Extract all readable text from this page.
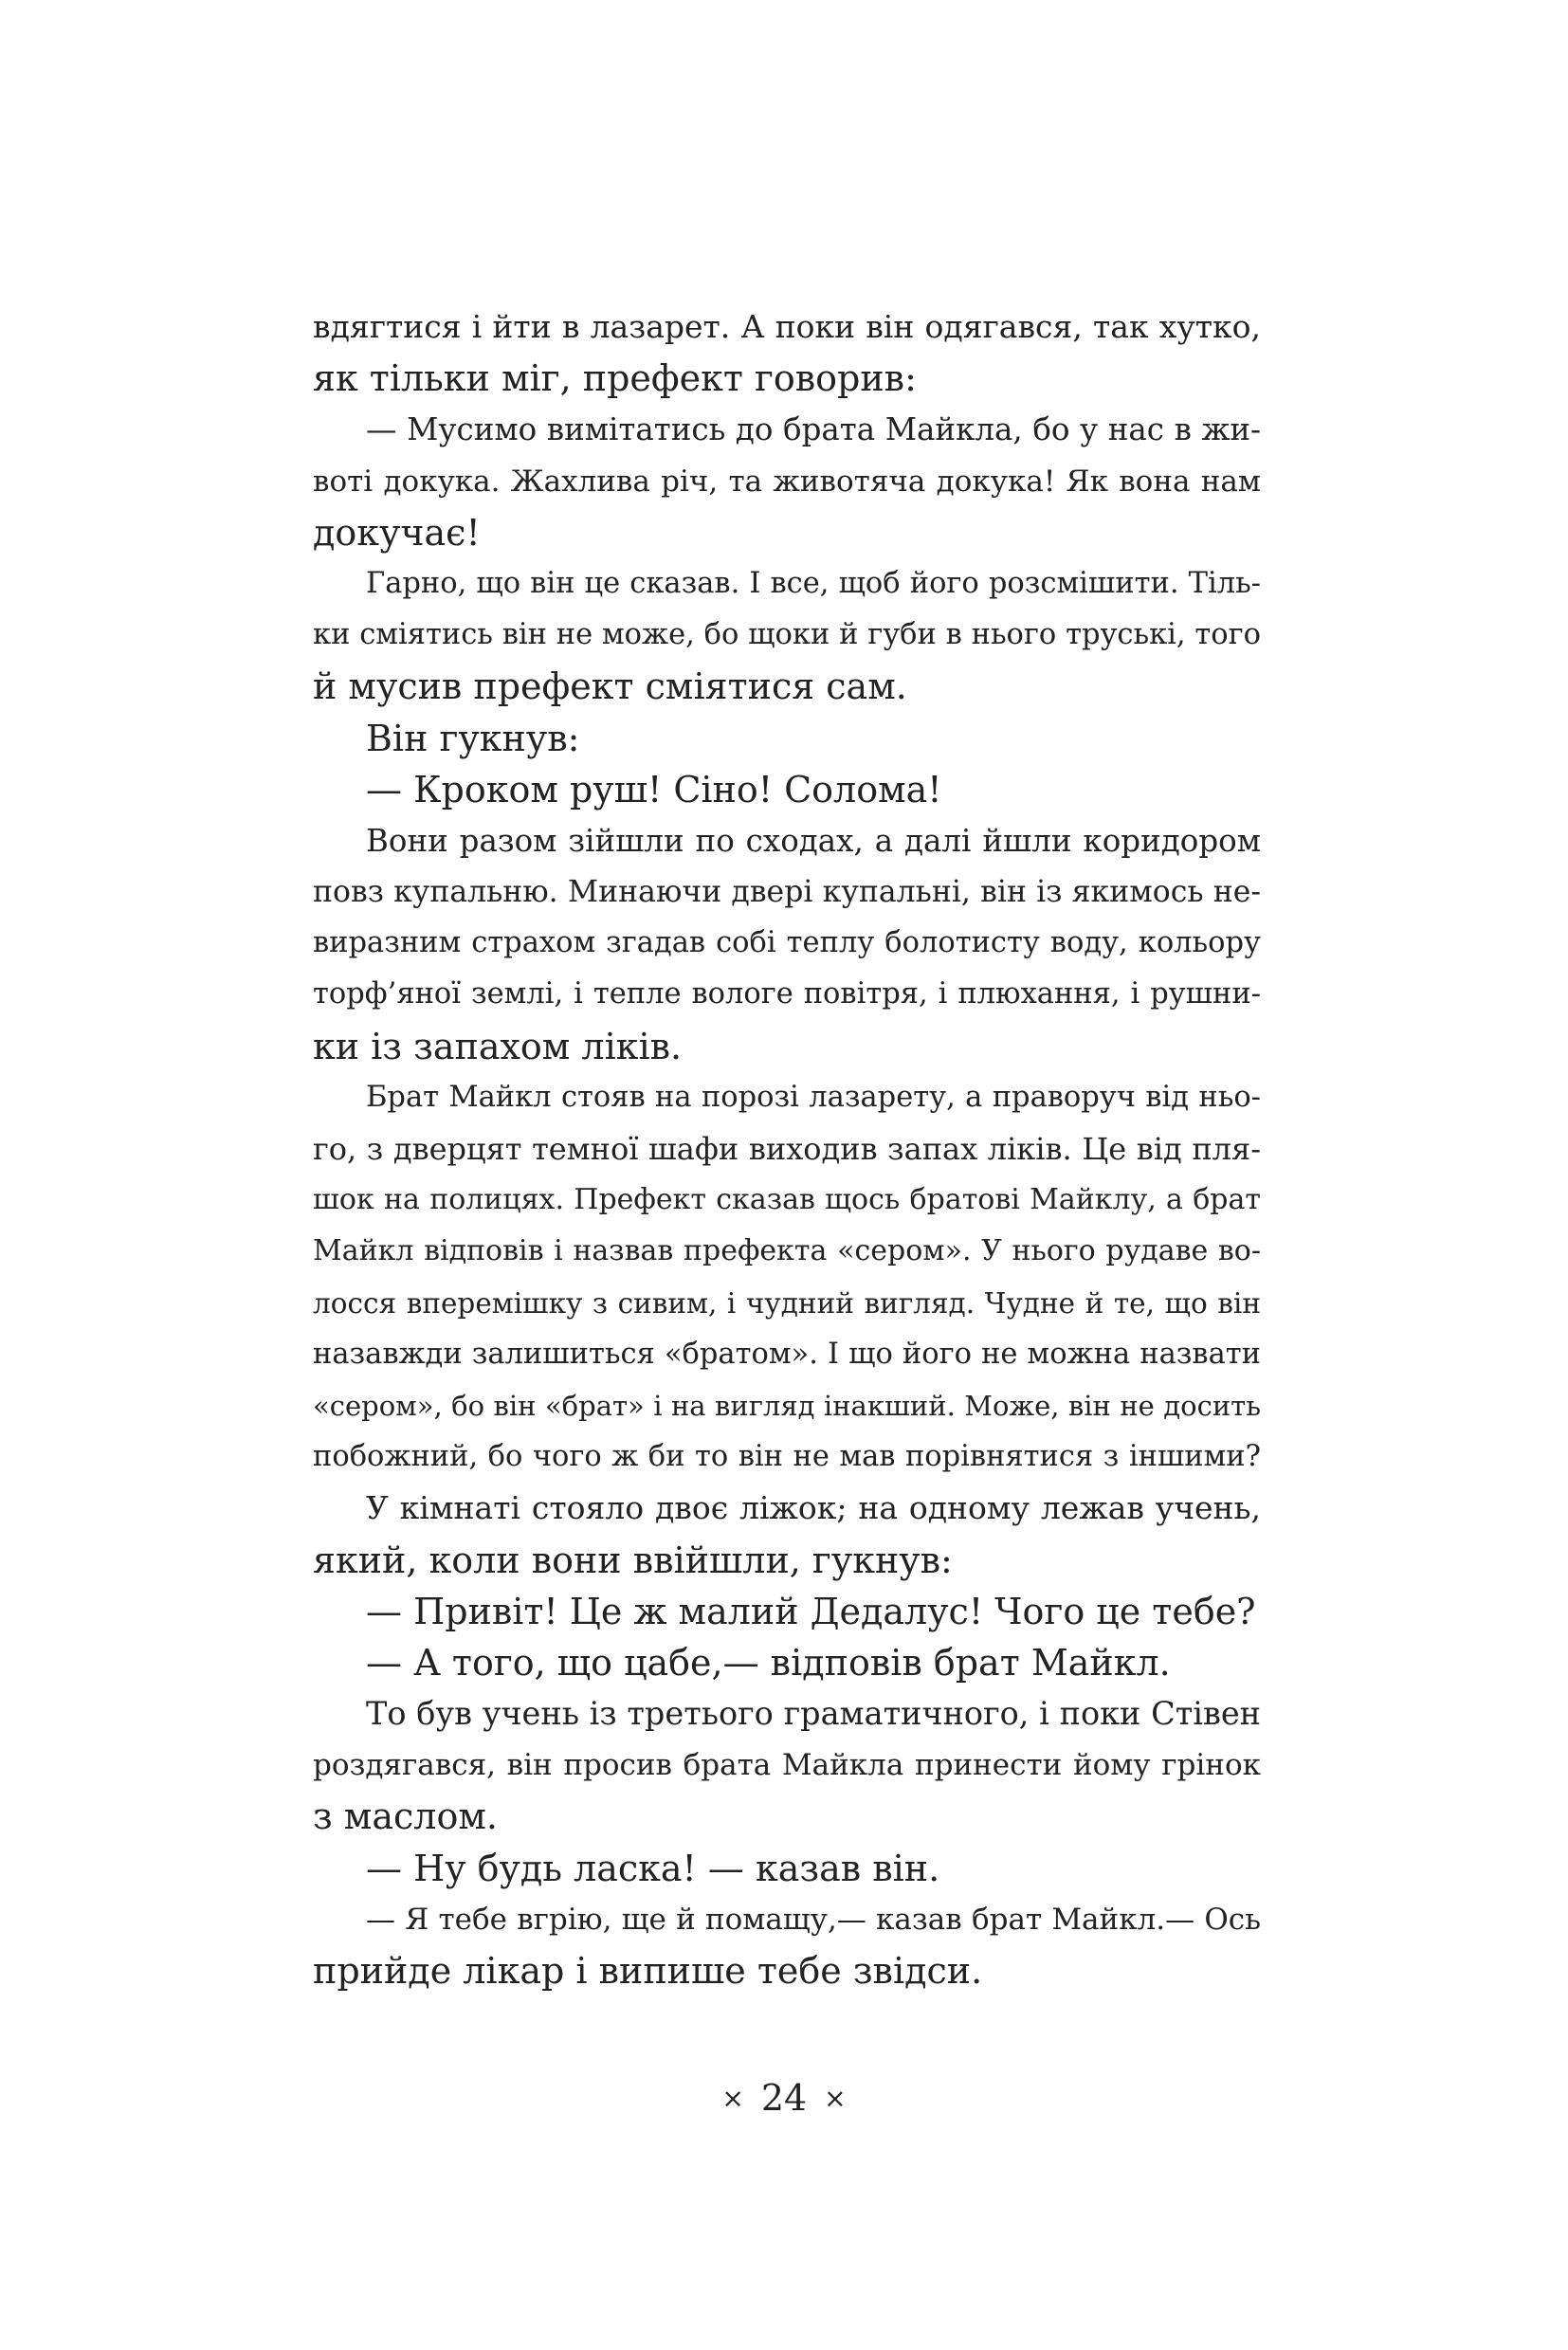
вдягтися і йти в лазарет. А поки він одягався, так хутко,
як тільки міг, префект говорив:
— Мусимо вимітатись до брата Майкла, бо у нас в жи-
воті докука. Жахлива річ, та животяча докука! Як вона нам
докучає!
Гарно, що він це сказав. І все, щоб його розсмішити. Тіль-
ки сміятись він не може, бо щоки й губи в нього труські, того
й мусив префект сміятися сам.
Він гукнув:
— Кроком руш! Сіно! Солома!
Вони разом зійшли по сходах, а далі йшли коридором
повз купальню. Минаючи двері купальні, він із якимось не-
виразним страхом згадав собі теплу болотисту воду, кольору
торф’яної землі, і тепле вологе повітря, і плюхання, і рушни-
ки із запахом ліків.
Брат Майкл стояв на порозі лазарету, а праворуч від ньо-
го, з дверцят темної шафи виходив запах ліків. Це від пля-
шок на полицях. Префект сказав щось братові Майклу, а брат
Майкл відповів і назвав префекта «сером». У нього рудаве во-
лосся вперемішку з сивим, і чудний вигляд. Чудне й те, що він
назавжди залишиться «братом». І що його не можна назвати
«сером», бо він «брат» і на вигляд інакший. Може, він не досить
побожний, бо чого ж би то він не мав порівнятися з іншими?
У кімнаті стояло двоє ліжок; на одному лежав учень,
який, коли вони ввійшли, гукнув:
— Привіт! Це ж малий Дедалус! Чого це тебе?
— А того, що цабе,— відповів брат Майкл.
То був учень із третього граматичного, і поки Стівен
роздягався, він просив брата Майкла принести йому грінок
з маслом.
— Ну будь ласка! — казав він.
— Я тебе вгрію, ще й помащу,— казав брат Майкл.— Ось
прийде лікар і випише тебе звідси.
× 24 ×
